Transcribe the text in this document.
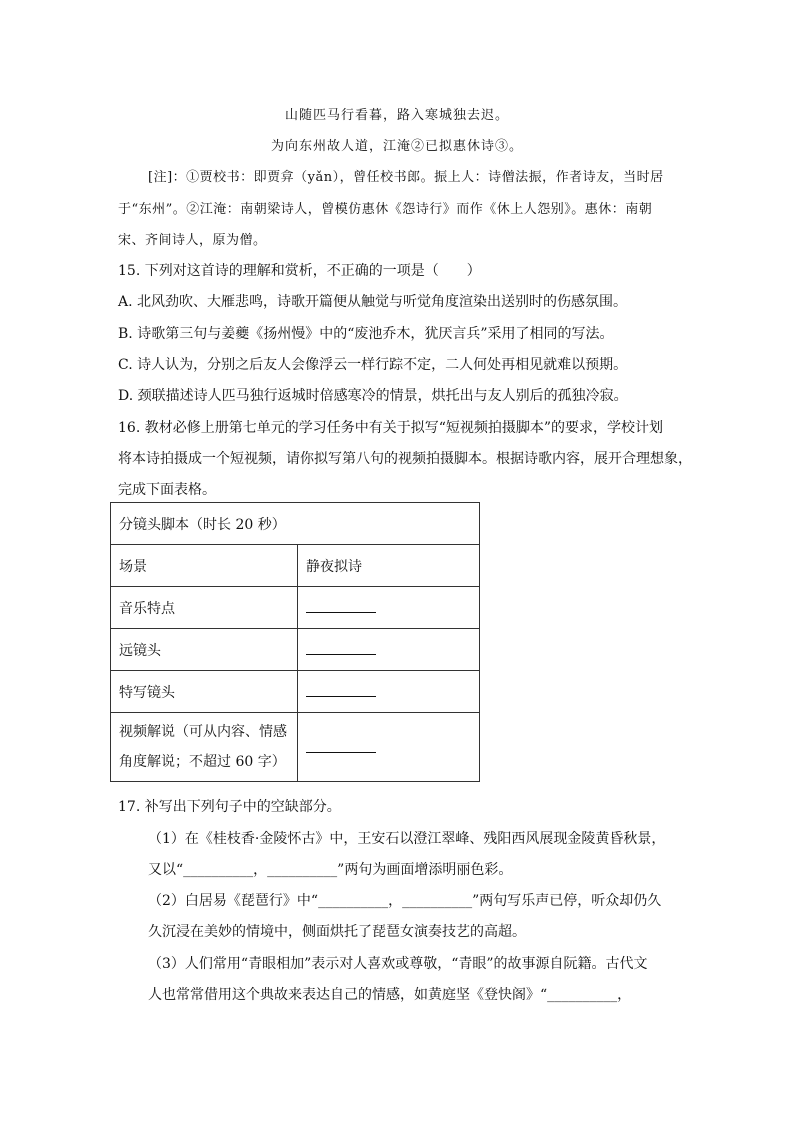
山随匹马行看暮，路入寒城独去迟。
为向东州故人道，江淹②已拟惠休诗③。
[注]：①贾校书：即贾弇（yǎn），曾任校书郎。振上人：诗僧法振，作者诗友，当时居
于“东州”。②江淹：南朝梁诗人，曾模仿惠休《怨诗行》而作《休上人怨别》。惠休：南朝
宋、齐间诗人，原为僧。
15. 下列对这首诗的理解和赏析，不正确的一项是（　　）
A. 北风劲吹、大雁悲鸣，诗歌开篇便从触觉与听觉角度渲染出送别时的伤感氛围。
B. 诗歌第三句与姜夔《扬州慢》中的“废池乔木，犹厌言兵”采用了相同的写法。
C. 诗人认为，分别之后友人会像浮云一样行踪不定，二人何处再相见就难以预期。
D. 颈联描述诗人匹马独行返城时倍感寒冷的情景，烘托出与友人别后的孤独冷寂。
16. 教材必修上册第七单元的学习任务中有关于拟写“短视频拍摄脚本”的要求，学校计划
将本诗拍摄成一个短视频，请你拟写第八句的视频拍摄脚本。根据诗歌内容，展开合理想象，
完成下面表格。
分镜头脚本（时长 20 秒）	
场景	静夜拟诗
音乐特点	
远镜头	
特写镜头	

视频解说（可从内容、情感
角度解说；不超过 60 字）	

17. 补写出下列句子中的空缺部分。
（1）在《桂枝香·金陵怀古》中，王安石以澄江翠峰、残阳西风展现金陵黄昏秋景，
又以“__________，__________”两句为画面增添明丽色彩。
（2）白居易《琵琶行》中“__________，__________”两句写乐声已停，听众却仍久
久沉浸在美妙的情境中，侧面烘托了琵琶女演奏技艺的高超。
（3）人们常用“青眼相加”表示对人喜欢或尊敬，“青眼”的故事源自阮籍。古代文
人也常常借用这个典故来表达自己的情感，如黄庭坚《登快阁》“__________，
